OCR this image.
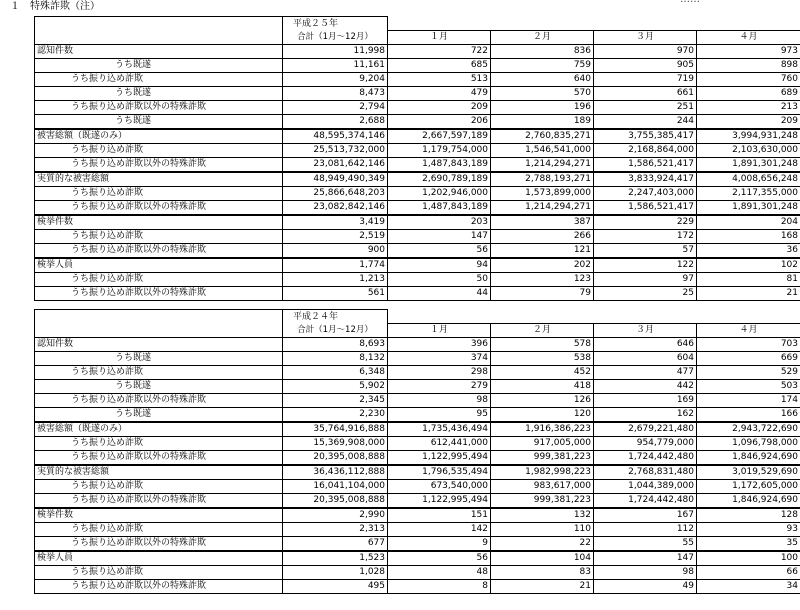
１　特殊詐欺（注）
	平成２５年				
	合計（1月～12月）	１月	２月	３月	４月
認知件数	11,998	722	836	970	973
うち既遂	11,161	685	759	905	898
うち振り込め詐欺	9,204	513	640	719	760
うち既遂	8,473	479	570	661	689
うち振り込め詐欺以外の特殊詐欺	2,794	209	196	251	213
うち既遂	2,688	206	189	244	209
被害総額（既遂のみ）	48,595,374,146	2,667,597,189	2,760,835,271	3,755,385,417	3,994,931,248
うち振り込め詐欺	25,513,732,000	1,179,754,000	1,546,541,000	2,168,864,000	2,103,630,000
うち振り込め詐欺以外の特殊詐欺	23,081,642,146	1,487,843,189	1,214,294,271	1,586,521,417	1,891,301,248
実質的な被害総額	48,949,490,349	2,690,789,189	2,788,193,271	3,833,924,417	4,008,656,248
うち振り込め詐欺	25,866,648,203	1,202,946,000	1,573,899,000	2,247,403,000	2,117,355,000
うち振り込め詐欺以外の特殊詐欺	23,082,842,146	1,487,843,189	1,214,294,271	1,586,521,417	1,891,301,248
検挙件数	3,419	203	387	229	204
うち振り込め詐欺	2,519	147	266	172	168
うち振り込め詐欺以外の特殊詐欺	900	56	121	57	36
検挙人員	1,774	94	202	122	102
うち振り込め詐欺	1,213	50	123	97	81
うち振り込め詐欺以外の特殊詐欺	561	44	79	25	21
	平成２４年				
	合計（1月～12月）	１月	２月	３月	４月
認知件数	8,693	396	578	646	703
うち既遂	8,132	374	538	604	669
うち振り込め詐欺	6,348	298	452	477	529
うち既遂	5,902	279	418	442	503
うち振り込め詐欺以外の特殊詐欺	2,345	98	126	169	174
うち既遂	2,230	95	120	162	166
被害総額（既遂のみ）	35,764,916,888	1,735,436,494	1,916,386,223	2,679,221,480	2,943,722,690
うち振り込め詐欺	15,369,908,000	612,441,000	917,005,000	954,779,000	1,096,798,000
うち振り込め詐欺以外の特殊詐欺	20,395,008,888	1,122,995,494	999,381,223	1,724,442,480	1,846,924,690
実質的な被害総額	36,436,112,888	1,796,535,494	1,982,998,223	2,768,831,480	3,019,529,690
うち振り込め詐欺	16,041,104,000	673,540,000	983,617,000	1,044,389,000	1,172,605,000
うち振り込め詐欺以外の特殊詐欺	20,395,008,888	1,122,995,494	999,381,223	1,724,442,480	1,846,924,690
検挙件数	2,990	151	132	167	128
うち振り込め詐欺	2,313	142	110	112	93
うち振り込め詐欺以外の特殊詐欺	677	9	22	55	35
検挙人員	1,523	56	104	147	100
うち振り込め詐欺	1,028	48	83	98	66
うち振り込め詐欺以外の特殊詐欺	495	8	21	49	34
